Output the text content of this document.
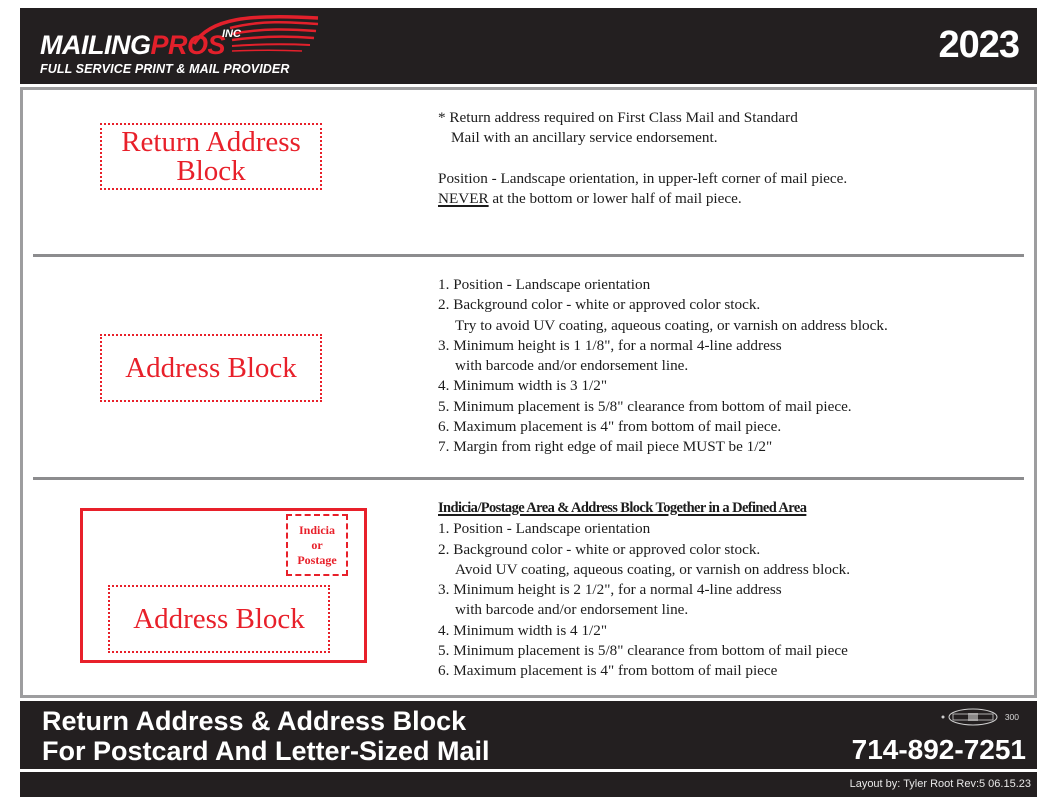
MAILINGPROS
INC
FULL SERVICE PRINT & MAIL PROVIDER
2023
Return Address
Block
* Return address required on First Class Mail and Standard
Mail with an ancillary service endorsement.
Position - Landscape orientation, in upper-left corner of mail piece.
NEVER at the bottom or lower half of mail piece.
Address Block
1. Position - Landscape orientation
2. Background color - white or approved color stock.
Try to avoid UV coating, aqueous coating, or varnish on address block.
3. Minimum height is 1 1/8", for a normal 4-line address
with barcode and/or endorsement line.
4. Minimum width is 3 1/2"
5. Minimum placement is 5/8" clearance from bottom of mail piece.
6. Maximum placement is 4" from bottom of mail piece.
7. Margin from right edge of mail piece MUST be 1/2"
Indicia
or
Postage
Address Block
Indicia/Postage Area & Address Block Together in a Defined Area
1. Position - Landscape orientation
2. Background color - white or approved color stock.
Avoid UV coating, aqueous coating, or varnish on address block.
3. Minimum height is 2 1/2", for a normal 4-line address
with barcode and/or endorsement line.
4. Minimum width is 4 1/2"
5. Minimum placement is 5/8" clearance from bottom of mail piece
6. Maximum placement is 4" from bottom of mail piece
Return Address & Address Block
For Postcard And Letter-Sized Mail
300
714-892-7251
Layout by: Tyler Root Rev:5 06.15.23
